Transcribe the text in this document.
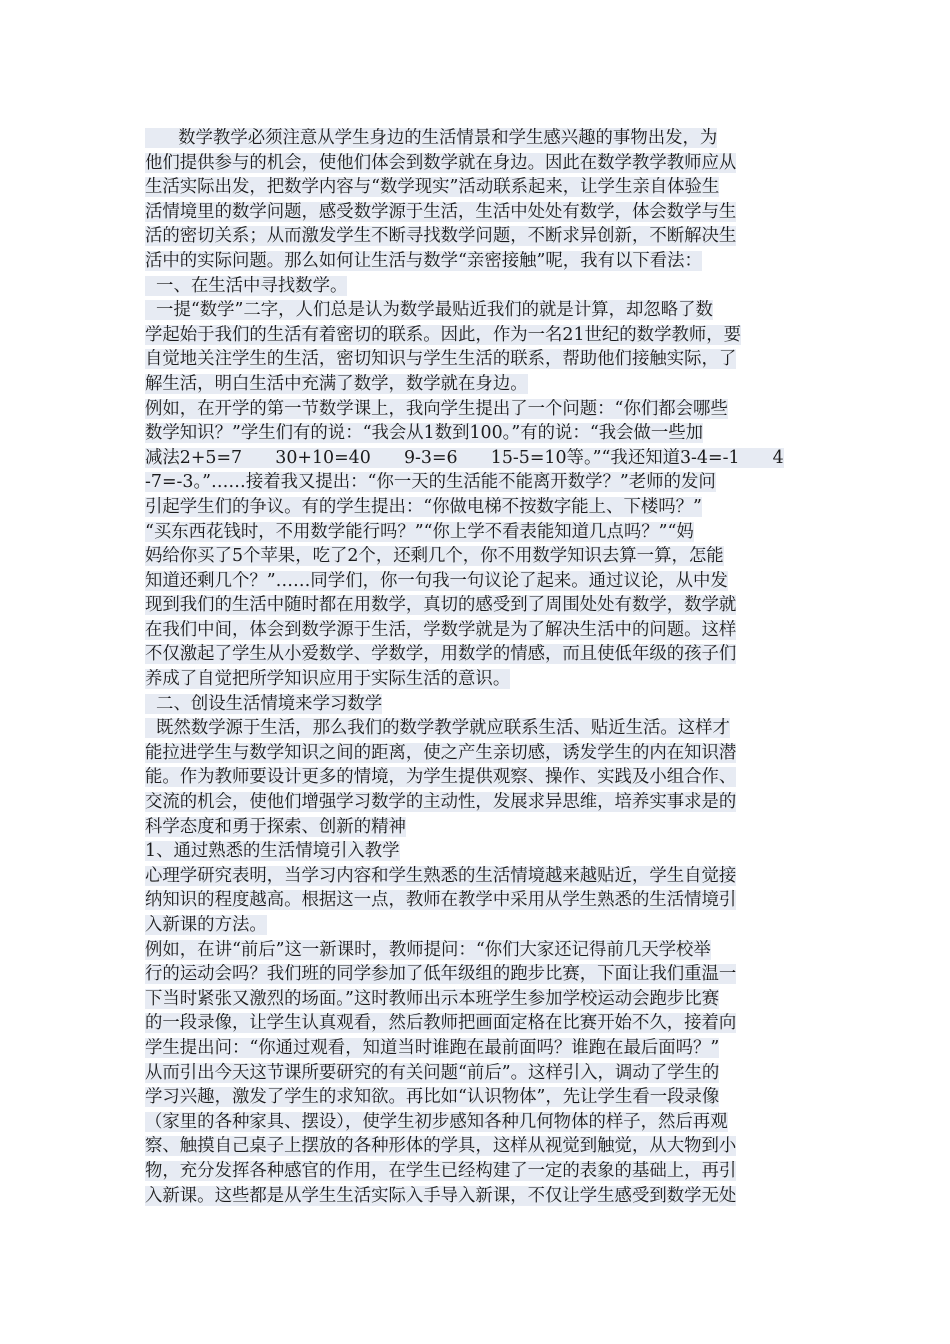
数学教学必须注意从学生身边的生活情景和学生感兴趣的事物出发，为
他们提供参与的机会，使他们体会到数学就在身边。因此在数学教学教师应从
生活实际出发，把数学内容与“数学现实”活动联系起来，让学生亲自体验生
活情境里的数学问题，感受数学源于生活，生活中处处有数学，体会数学与生
活的密切关系；从而激发学生不断寻找数学问题，不断求异创新，不断解决生
活中的实际问题。那么如何让生活与数学“亲密接触”呢，我有以下看法：
一、在生活中寻找数学。
一提“数学”二字，人们总是认为数学最贴近我们的就是计算，却忽略了数
学起始于我们的生活有着密切的联系。因此，作为一名21世纪的数学教师，要
自觉地关注学生的生活，密切知识与学生生活的联系，帮助他们接触实际，了
解生活，明白生活中充满了数学，数学就在身边。
例如，在开学的第一节数学课上，我向学生提出了一个问题：“你们都会哪些
数学知识？”学生们有的说：“我会从1数到100。”有的说：“我会做一些加
减法2+5=7      30+10=40      9-3=6      15-5=10等。”“我还知道3-4=-1      4
-7=-3。”……接着我又提出：“你一天的生活能不能离开数学？”老师的发问
引起学生们的争议。有的学生提出：“你做电梯不按数字能上、下楼吗？”
“买东西花钱时，不用数学能行吗？”“你上学不看表能知道几点吗？”“妈
妈给你买了5个苹果，吃了2个，还剩几个，你不用数学知识去算一算，怎能
知道还剩几个？”……同学们，你一句我一句议论了起来。通过议论，从中发
现到我们的生活中随时都在用数学，真切的感受到了周围处处有数学，数学就
在我们中间，体会到数学源于生活，学数学就是为了解决生活中的问题。这样
不仅激起了学生从小爱数学、学数学，用数学的情感，而且使低年级的孩子们
养成了自觉把所学知识应用于实际生活的意识。
二、创设生活情境来学习数学
既然数学源于生活，那么我们的数学教学就应联系生活、贴近生活。这样才
能拉进学生与数学知识之间的距离，使之产生亲切感，诱发学生的内在知识潜
能。作为教师要设计更多的情境，为学生提供观察、操作、实践及小组合作、
交流的机会，使他们增强学习数学的主动性，发展求异思维，培养实事求是的
科学态度和勇于探索、创新的精神
1、通过熟悉的生活情境引入教学
心理学研究表明，当学习内容和学生熟悉的生活情境越来越贴近，学生自觉接
纳知识的程度越高。根据这一点，教师在教学中采用从学生熟悉的生活情境引
入新课的方法。
例如，在讲“前后”这一新课时，教师提问：“你们大家还记得前几天学校举
行的运动会吗？我们班的同学参加了低年级组的跑步比赛，下面让我们重温一
下当时紧张又激烈的场面。”这时教师出示本班学生参加学校运动会跑步比赛
的一段录像，让学生认真观看，然后教师把画面定格在比赛开始不久，接着向
学生提出问：“你通过观看，知道当时谁跑在最前面吗？谁跑在最后面吗？”
从而引出今天这节课所要研究的有关问题“前后”。这样引入，调动了学生的
学习兴趣，激发了学生的求知欲。再比如“认识物体”，先让学生看一段录像
（家里的各种家具、摆设），使学生初步感知各种几何物体的样子，然后再观
察、触摸自己桌子上摆放的各种形体的学具，这样从视觉到触觉，从大物到小
物，充分发挥各种感官的作用，在学生已经构建了一定的表象的基础上，再引
入新课。这些都是从学生生活实际入手导入新课，不仅让学生感受到数学无处
